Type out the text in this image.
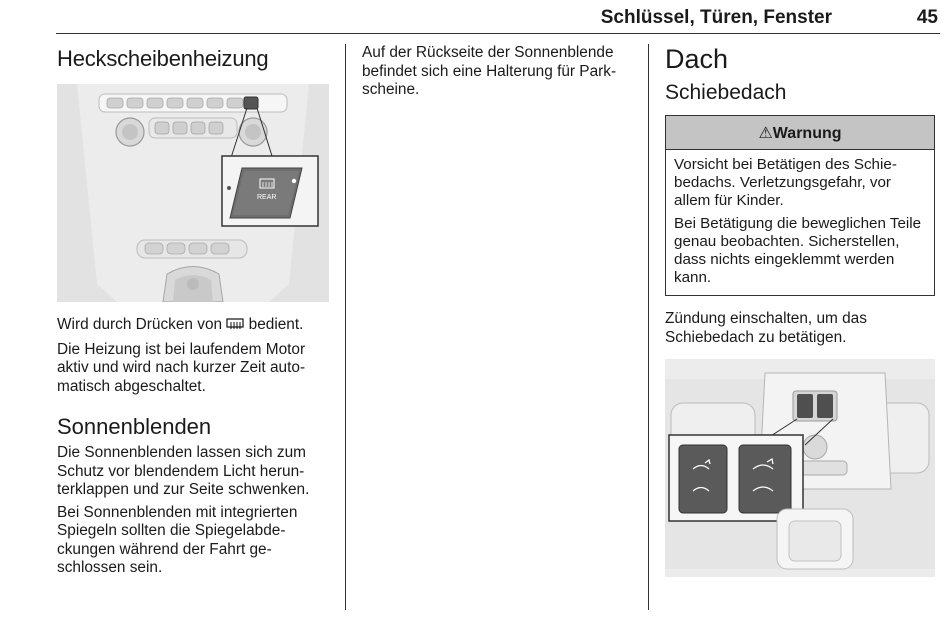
Schlüssel, Türen, Fenster	45
Heckscheibenheizung
REAR

Wird durch Drücken von  bedient.

Die Heizung ist bei laufendem Motor aktiv und wird nach kurzer Zeit automatisch abgeschaltet.

Sonnenblenden

Die Sonnenblenden lassen sich zum Schutz vor blendendem Licht herunterklappen und zur Seite schwenken.

Bei Sonnenblenden mit integrierten Spiegeln sollten die Spiegelabdeckungen während der Fahrt geschlossen sein.

Auf der Rückseite der Sonnenblende befindet sich eine Halterung für Parkscheine.

Dach
Schiebedach
⚠Warnung

Vorsicht bei Betätigen des Schiebedachs. Verletzungsgefahr, vor allem für Kinder.

Bei Betätigung die beweglichen Teile genau beobachten. Sicherstellen, dass nichts eingeklemmt werden kann.

Zündung einschalten, um das Schiebedach zu betätigen.
